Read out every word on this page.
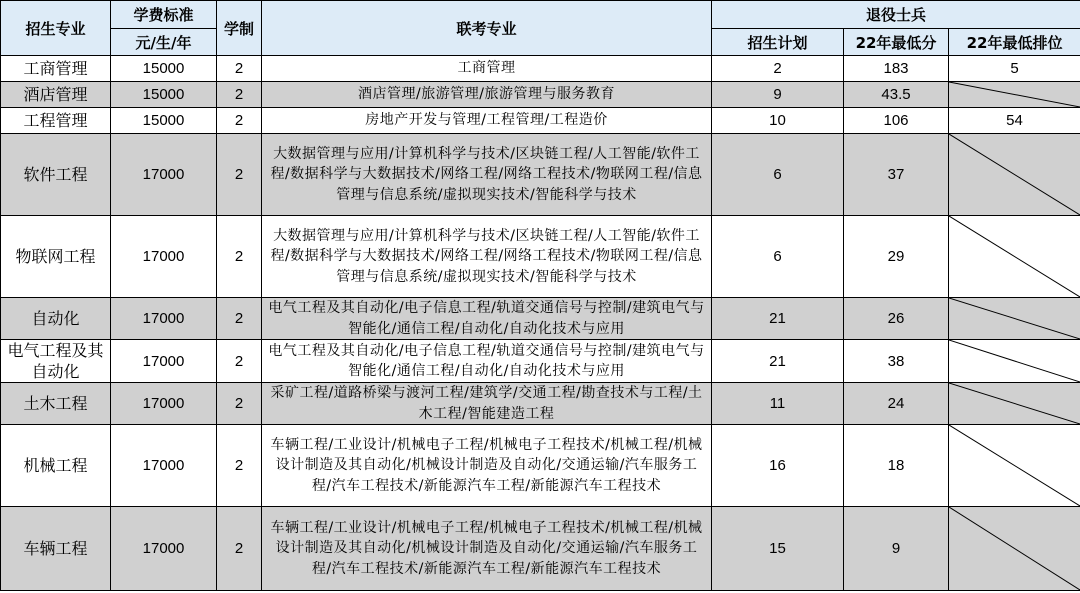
招生专业	学费标准	学制	联考专业	退役士兵		
	元/生/年			招生计划	22年最低分	22年最低排位
工商管理	15000	2	工商管理	2	183	5
酒店管理	15000	2	酒店管理/旅游管理/旅游管理与服务教育	9	43.5	

工程管理	15000	2	房地产开发与管理/工程管理/工程造价	10	106	54
软件工程	17000	2	大数据管理与应用/计算机科学与技术/区块链工程/人工智能/软件工程/数据科学与大数据技术/网络工程/网络工程技术/物联网工程/信息管理与信息系统/虚拟现实技术/智能科学与技术	6	37	

物联网工程	17000	2	大数据管理与应用/计算机科学与技术/区块链工程/人工智能/软件工程/数据科学与大数据技术/网络工程/网络工程技术/物联网工程/信息管理与信息系统/虚拟现实技术/智能科学与技术	6	29	

自动化	17000	2	电气工程及其自动化/电子信息工程/轨道交通信号与控制/建筑电气与智能化/通信工程/自动化/自动化技术与应用	21	26	

电气工程及其自动化	17000	2	电气工程及其自动化/电子信息工程/轨道交通信号与控制/建筑电气与智能化/通信工程/自动化/自动化技术与应用	21	38	

土木工程	17000	2	采矿工程/道路桥梁与渡河工程/建筑学/交通工程/勘查技术与工程/土木工程/智能建造工程	11	24	

机械工程	17000	2	车辆工程/工业设计/机械电子工程/机械电子工程技术/机械工程/机械设计制造及其自动化/机械设计制造及自动化/交通运输/汽车服务工程/汽车工程技术/新能源汽车工程/新能源汽车工程技术	16	18	

车辆工程	17000	2	车辆工程/工业设计/机械电子工程/机械电子工程技术/机械工程/机械设计制造及其自动化/机械设计制造及自动化/交通运输/汽车服务工程/汽车工程技术/新能源汽车工程/新能源汽车工程技术	15	9	
